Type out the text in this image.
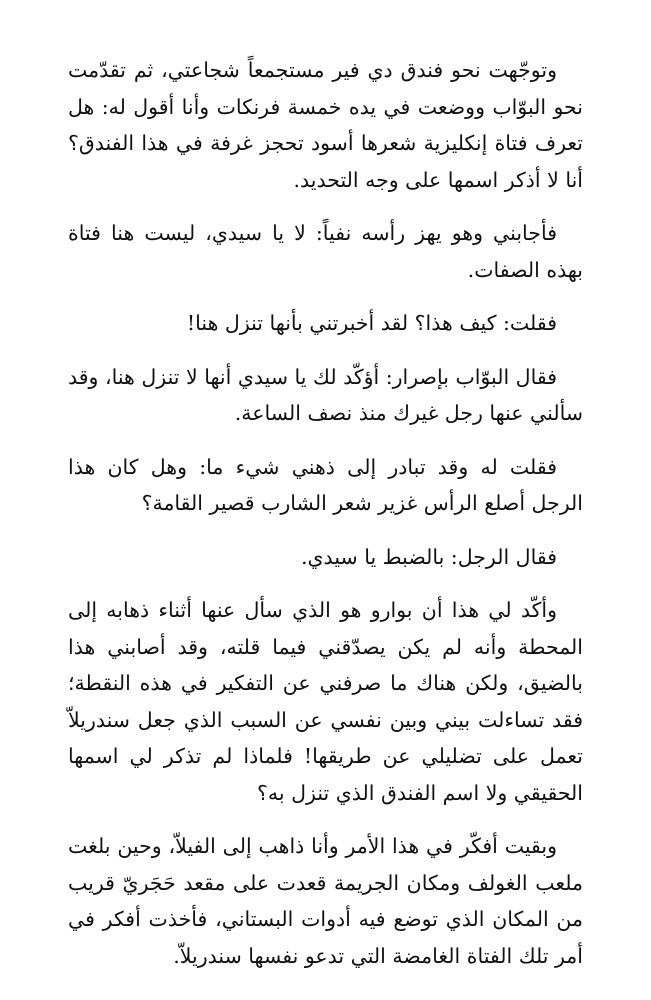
وتوجّهت نحو فندق دي فير مستجمعاً شجاعتي، ثم تقدّمت نحو البوّاب ووضعت في يده خمسة فرنكات وأنا أقول له: هل تعرف فتاة إنكليزية شعرها أسود تحجز غرفة في هذا الفندق؟ أنا لا أذكر اسمها على وجه التحديد.

فأجابني وهو يهز رأسه نفياً: لا يا سيدي، ليست هنا فتاة بهذه الصفات.

فقلت: كيف هذا؟ لقد أخبرتني بأنها تنزل هنا!

فقال البوّاب بإصرار: أؤكّد لك يا سيدي أنها لا تنزل هنا، وقد سألني عنها رجل غيرك منذ نصف الساعة.

فقلت له وقد تبادر إلى ذهني شيء ما: وهل كان هذا الرجل أصلع الرأس غزير شعر الشارب قصير القامة؟

فقال الرجل: بالضبط يا سيدي.

وأكّد لي هذا أن بوارو هو الذي سأل عنها أثناء ذهابه إلى المحطة وأنه لم يكن يصدّقني فيما قلته، وقد أصابني هذا بالضيق، ولكن هناك ما صرفني عن التفكير في هذه النقطة؛ فقد تساءلت بيني وبين نفسي عن السبب الذي جعل سندريلاّ تعمل على تضليلي عن طريقها! فلماذا لم تذكر لي اسمها الحقيقي ولا اسم الفندق الذي تنزل به؟

وبقيت أفكّر في هذا الأمر وأنا ذاهب إلى الفيلاّ، وحين بلغت ملعب الغولف ومكان الجريمة قعدت على مقعد حَجَريّ قريب من المكان الذي توضع فيه أدوات البستاني، فأخذت أفكر في أمر تلك الفتاة الغامضة التي تدعو نفسها سندريلاّ.
